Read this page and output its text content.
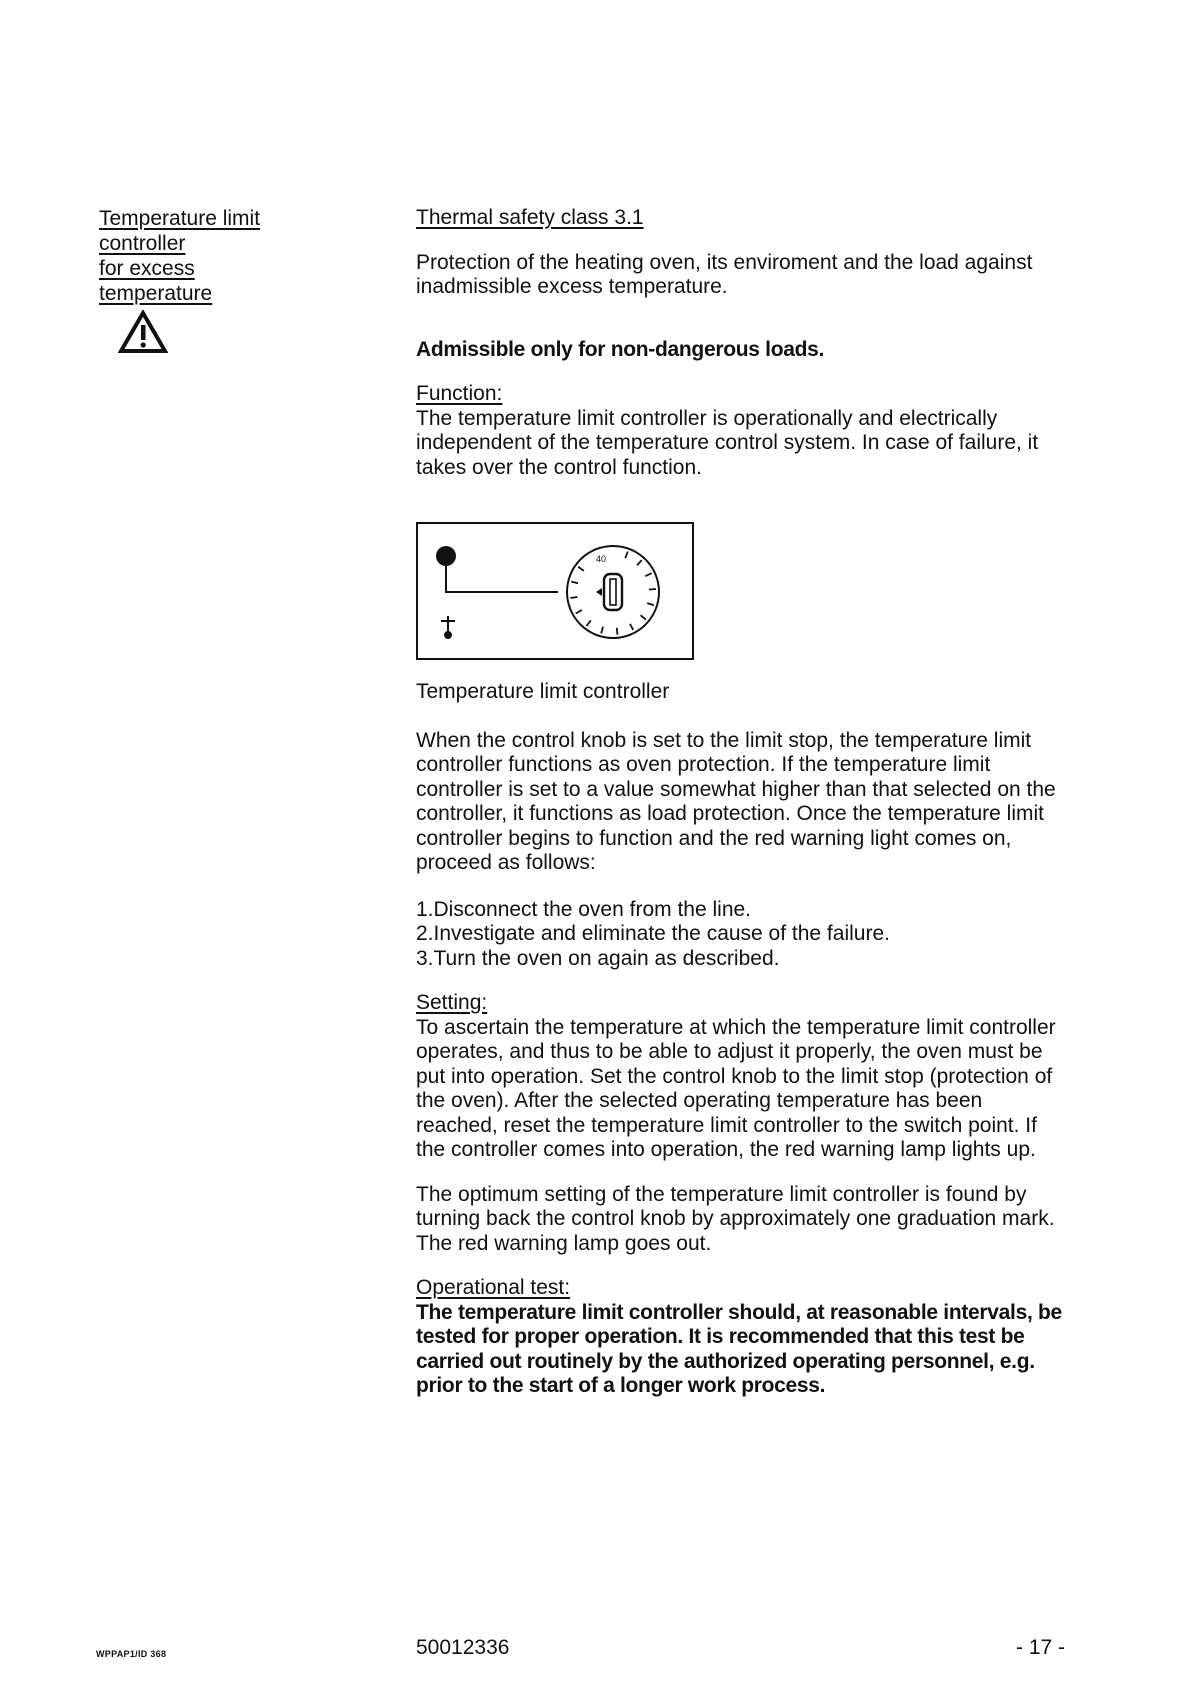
Temperature limit
controller
for excess
temperature

Thermal safety class 3.1

Protection of the heating oven, its enviroment and the load against inadmissible excess temperature.

Admissible only for non-dangerous loads.

Function:

The temperature limit controller is operationally and electrically independent of the temperature control system. In case of failure, it takes over the control function.

Temperature limit controller

When the control knob is set to the limit stop, the temperature limit controller functions as oven protection. If the temperature limit controller is set to a value somewhat higher than that selected on the controller, it functions as load protection. Once the temperature limit controller begins to function and the red warning light comes on, proceed as follows:

1.Disconnect the oven from the line.

2.Investigate and eliminate the cause of the failure.

3.Turn the oven on again as described.

Setting:

To ascertain the temperature at which the temperature limit controller operates, and thus to be able to adjust it properly, the oven must be put into operation. Set the control knob to the limit stop (protection of the oven). After the selected operating temperature has been reached, reset the temperature limit controller to the switch point. If the controller comes into operation, the red warning lamp lights up.

The optimum setting of the temperature limit controller is found by turning back the control knob by approximately one graduation mark. The red warning lamp goes out.

Operational test:

The temperature limit controller should, at reasonable intervals, be tested for proper operation. It is recommended that this test be carried out routinely by the authorized operating personnel, e.g. prior to the start of a longer work process.

40
WPPAP1/ID 368	50012336	- 17 -
